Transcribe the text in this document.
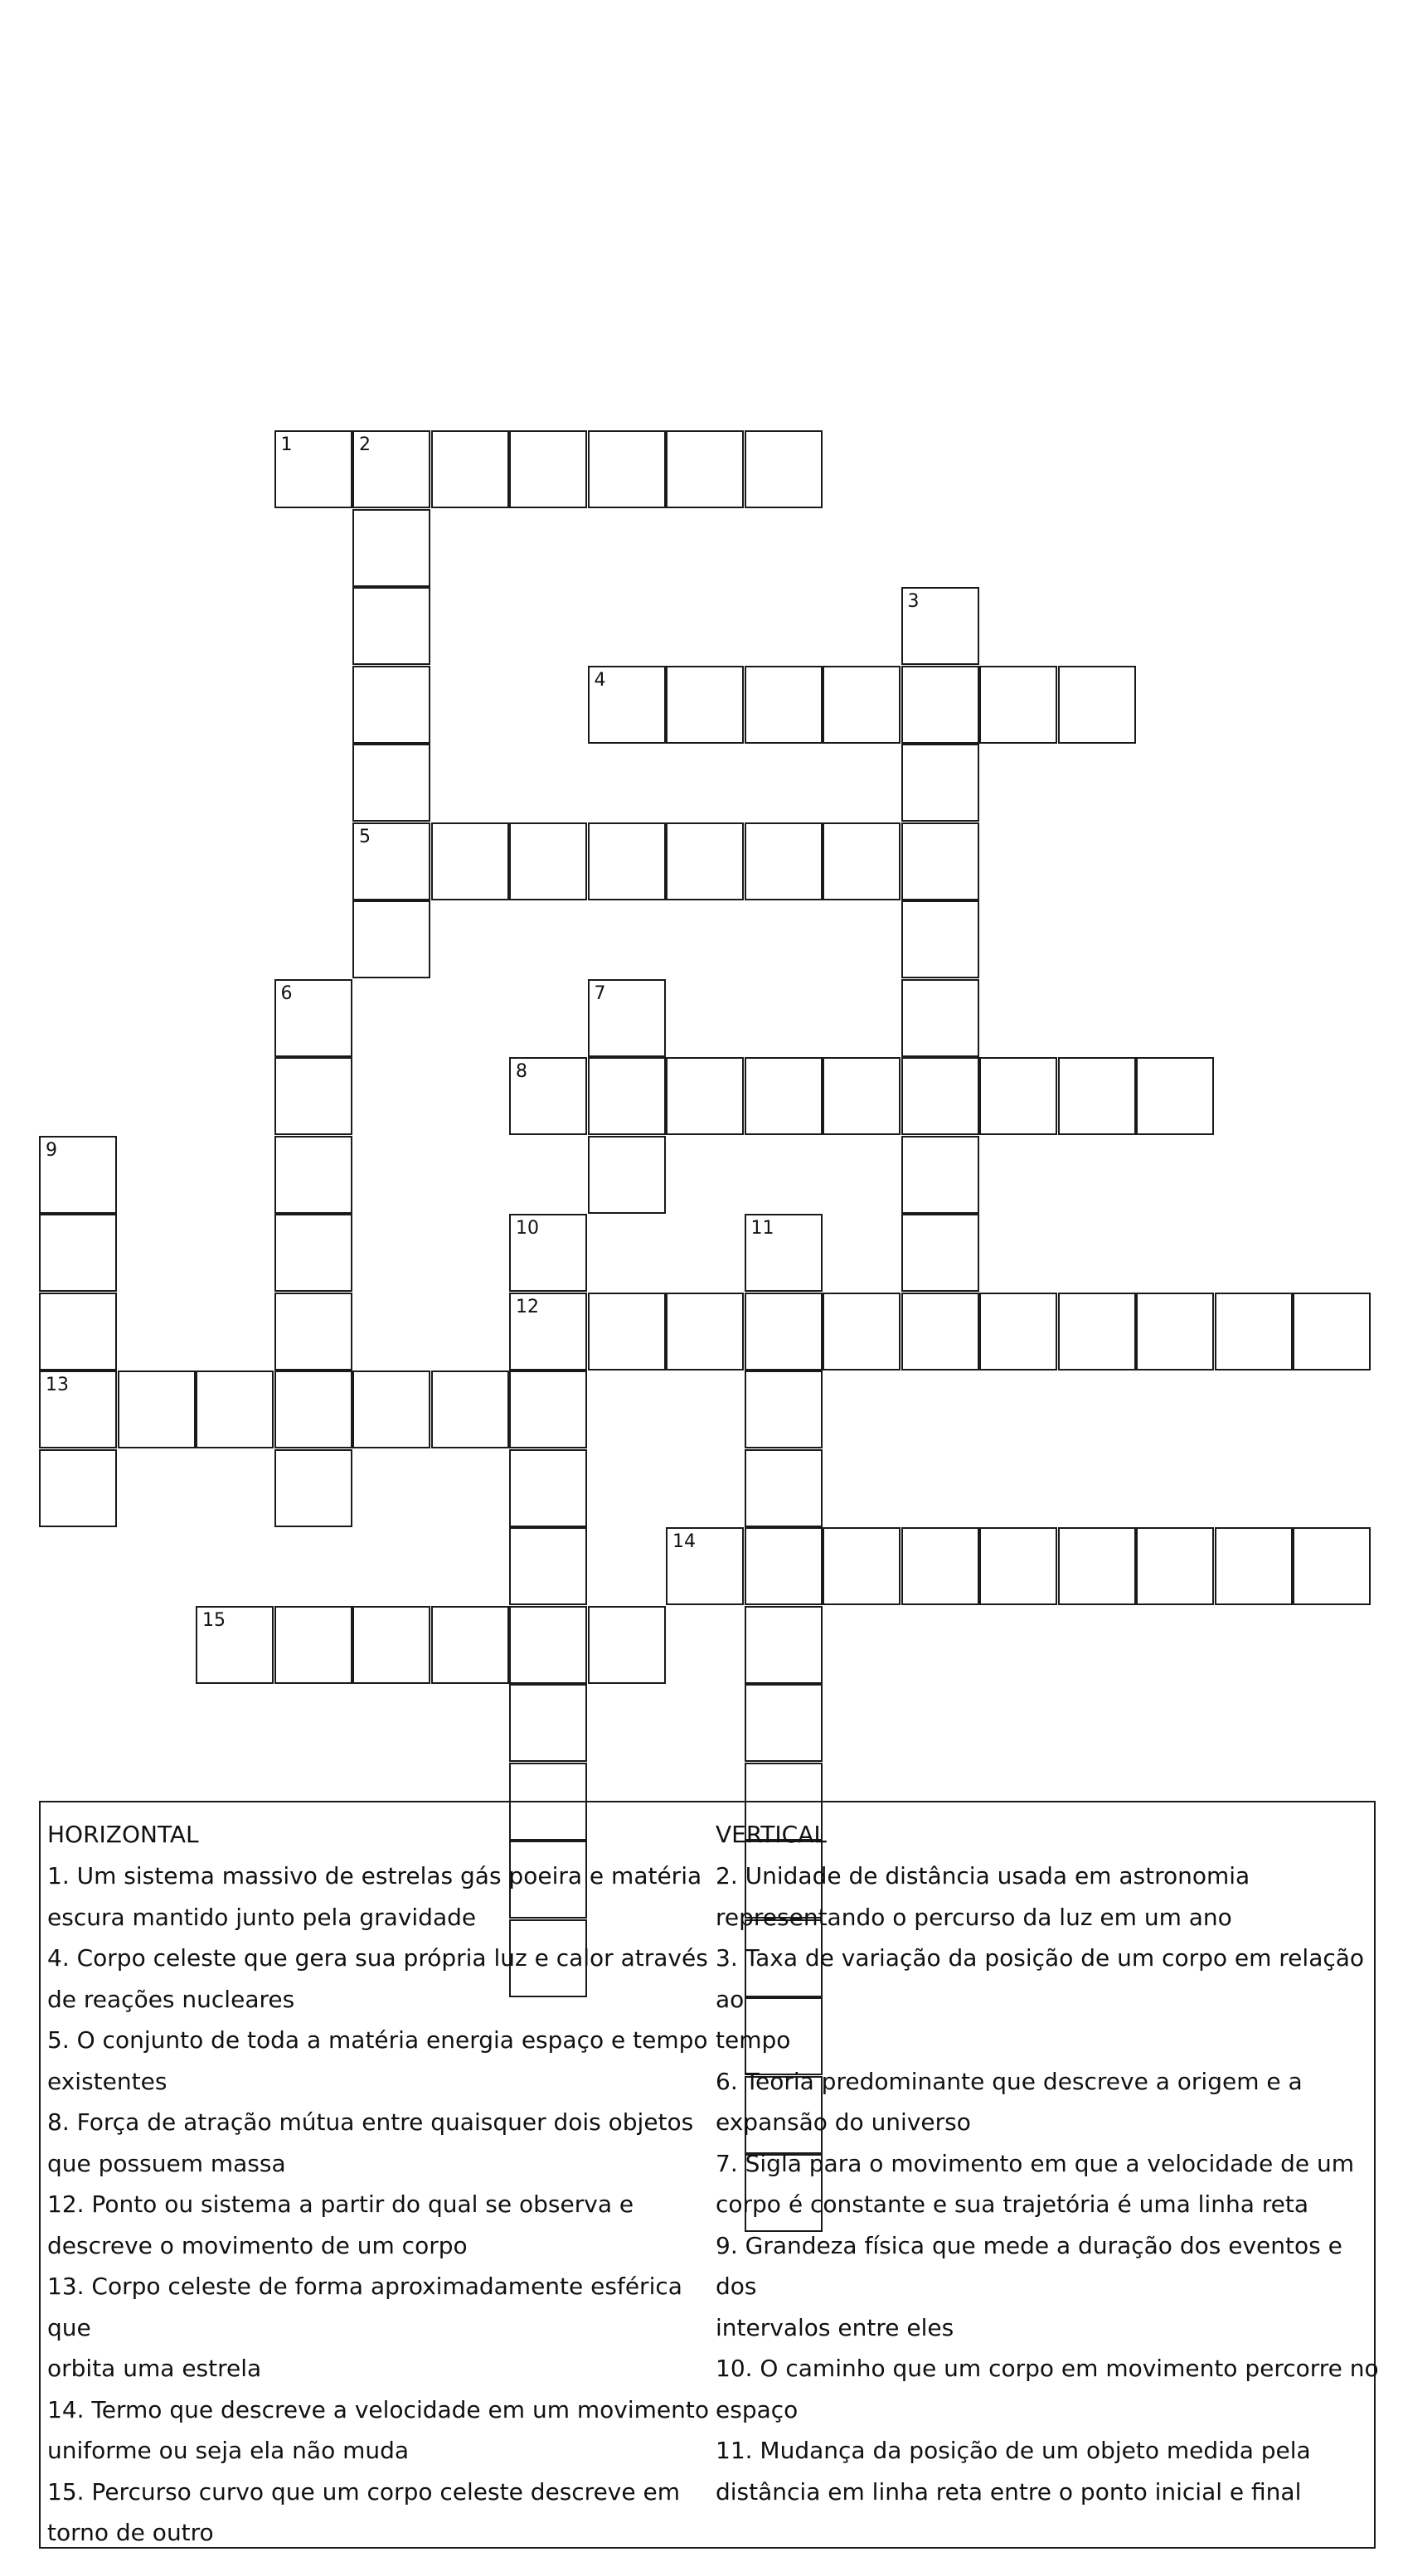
1	2
5
3
4
6	7
8
9
10
12
11
13
14
15
HORIZONTAL
1. Um sistema massivo de estrelas gás poeira e matéria
escura mantido junto pela gravidade
4. Corpo celeste que gera sua própria luz e calor através
de reações nucleares
5. O conjunto de toda a matéria energia espaço e tempo
existentes
8. Força de atração mútua entre quaisquer dois objetos
que possuem massa
12. Ponto ou sistema a partir do qual se observa e
descreve o movimento de um corpo
13. Corpo celeste de forma aproximadamente esférica que
orbita uma estrela
14. Termo que descreve a velocidade em um movimento
uniforme ou seja ela não muda
15. Percurso curvo que um corpo celeste descreve em
torno de outro
VERTICAL
2. Unidade de distância usada em astronomia
representando o percurso da luz em um ano
3. Taxa de variação da posição de um corpo em relação ao
tempo
6. Teoria predominante que descreve a origem e a
expansão do universo
7. Sigla para o movimento em que a velocidade de um
corpo é constante e sua trajetória é uma linha reta
9. Grandeza física que mede a duração dos eventos e dos
intervalos entre eles
10. O caminho que um corpo em movimento percorre no
espaço
11. Mudança da posição de um objeto medida pela
distância em linha reta entre o ponto inicial e final
